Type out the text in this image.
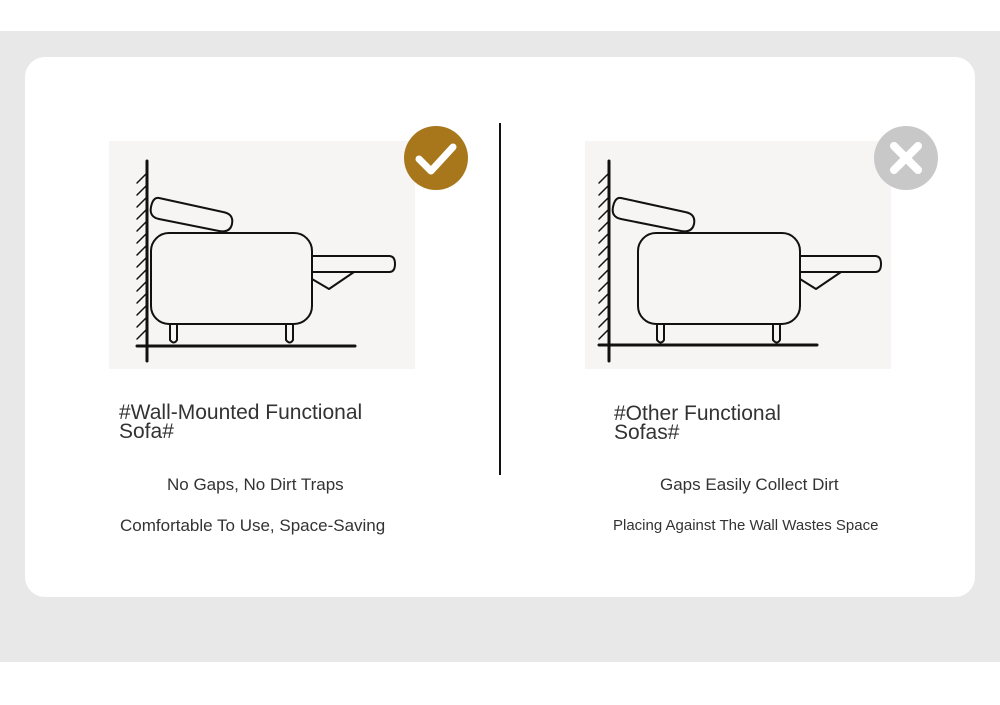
#Wall-Mounted Functional
Sofa#
No Gaps, No Dirt Traps
Comfortable To Use, Space-Saving
#Other Functional
Sofas#
Gaps Easily Collect Dirt
Placing Against The Wall Wastes Space
